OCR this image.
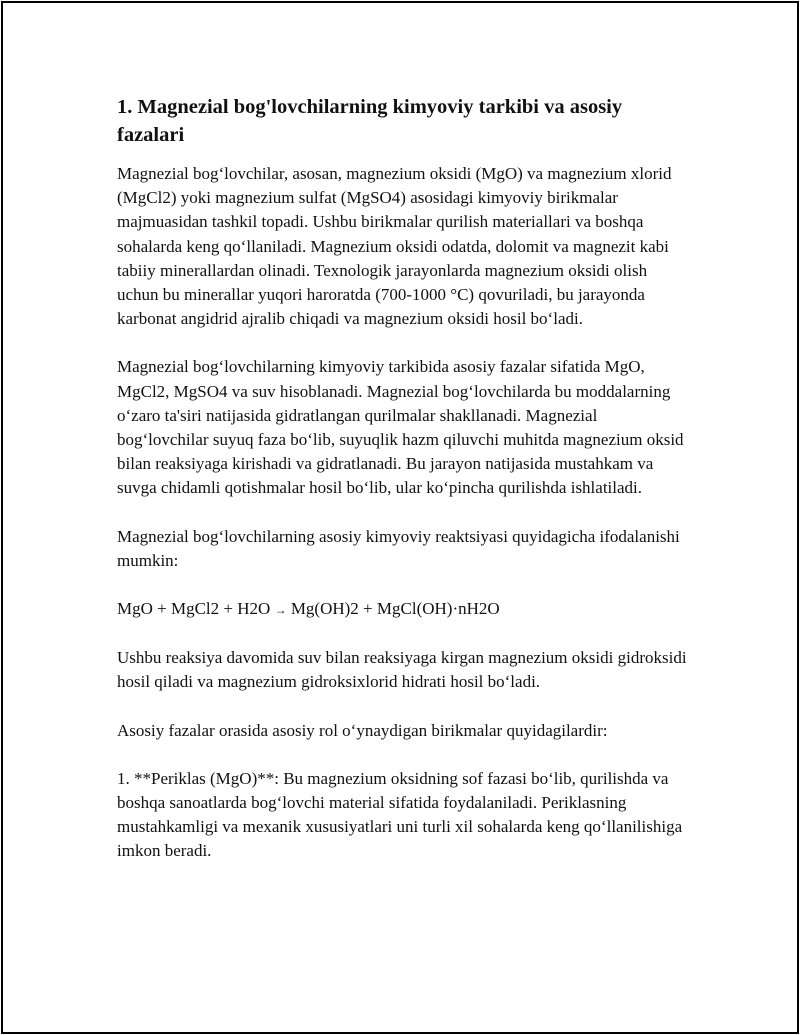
1. Magnezial bog'lovchilarning kimyoviy tarkibi va asosiy fazalari

Magnezial bog‘lovchilar, asosan, magnezium oksidi (MgO) va magnezium xlorid (MgCl2) yoki magnezium sulfat (MgSO4) asosidagi kimyoviy birikmalar majmuasidan tashkil topadi. Ushbu birikmalar qurilish materiallari va boshqa sohalarda keng qo‘llaniladi. Magnezium oksidi odatda, dolomit va magnezit kabi tabiiy minerallardan olinadi. Texnologik jarayonlarda magnezium oksidi olish uchun bu minerallar yuqori haroratda (700-1000 °C) qovuriladi, bu jarayonda karbonat angidrid ajralib chiqadi va magnezium oksidi hosil bo‘ladi.

Magnezial bog‘lovchilarning kimyoviy tarkibida asosiy fazalar sifatida MgO, MgCl2, MgSO4 va suv hisoblanadi. Magnezial bog‘lovchilarda bu moddalarning o‘zaro ta'siri natijasida gidratlangan qurilmalar shakllanadi. Magnezial bog‘lovchilar suyuq faza bo‘lib, suyuqlik hazm qiluvchi muhitda magnezium oksid bilan reaksiyaga kirishadi va gidratlanadi. Bu jarayon natijasida mustahkam va suvga chidamli qotishmalar hosil bo‘lib, ular ko‘pincha qurilishda ishlatiladi.

Magnezial bog‘lovchilarning asosiy kimyoviy reaktsiyasi quyidagicha ifodalanishi mumkin:

MgO + MgCl2 + H2O → Mg(OH)2 + MgCl(OH)·nH2O

Ushbu reaksiya davomida suv bilan reaksiyaga kirgan magnezium oksidi gidroksidi hosil qiladi va magnezium gidroksixlorid hidrati hosil bo‘ladi.

Asosiy fazalar orasida asosiy rol o‘ynaydigan birikmalar quyidagilardir:

1. **Periklas (MgO)**: Bu magnezium oksidning sof fazasi bo‘lib, qurilishda va boshqa sanoatlarda bog‘lovchi material sifatida foydalaniladi. Periklasning mustahkamligi va mexanik xususiyatlari uni turli xil sohalarda keng qo‘llanilishiga imkon beradi.
